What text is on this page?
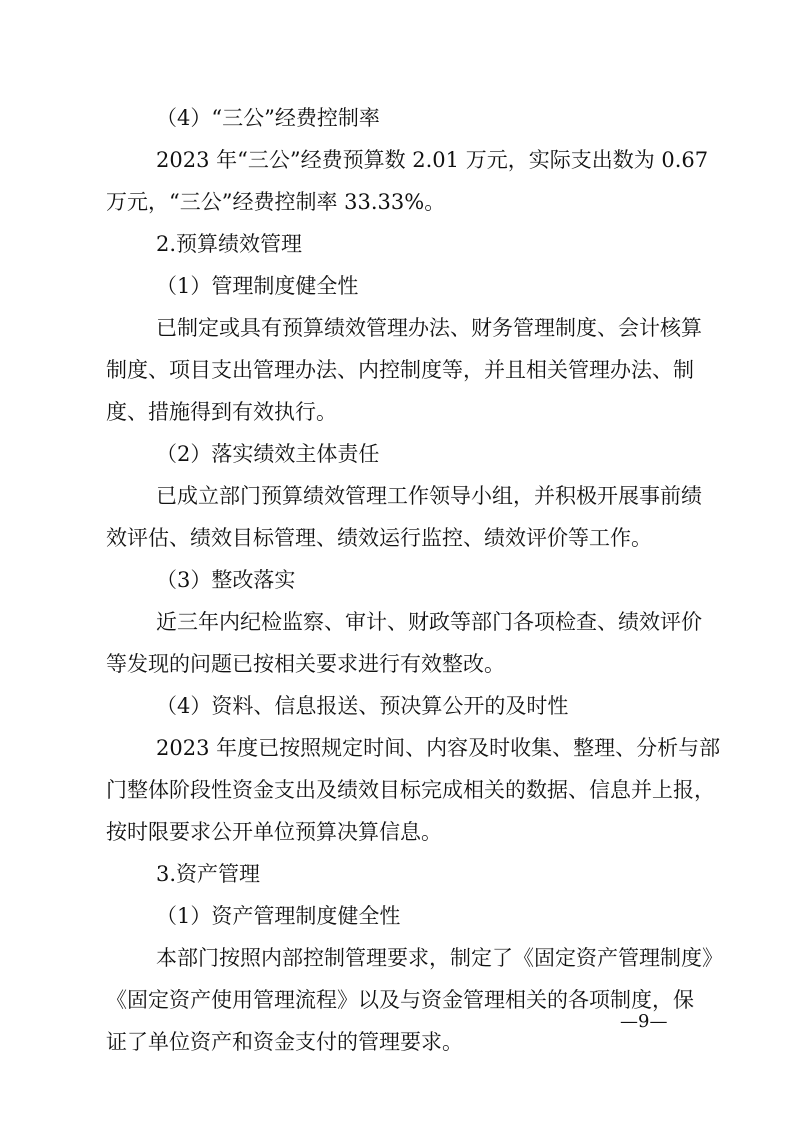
（4）“三公”经费控制率
2023 年“三公”经费预算数 2.01 万元，实际支出数为 0.67
万元，“三公”经费控制率 33.33%。
2.预算绩效管理
（1）管理制度健全性
已制定或具有预算绩效管理办法、财务管理制度、会计核算
制度、项目支出管理办法、内控制度等，并且相关管理办法、制
度、措施得到有效执行。
（2）落实绩效主体责任
已成立部门预算绩效管理工作领导小组，并积极开展事前绩
效评估、绩效目标管理、绩效运行监控、绩效评价等工作。
（3）整改落实
近三年内纪检监察、审计、财政等部门各项检查、绩效评价
等发现的问题已按相关要求进行有效整改。
（4）资料、信息报送、预决算公开的及时性
2023 年度已按照规定时间、内容及时收集、整理、分析与部
门整体阶段性资金支出及绩效目标完成相关的数据、信息并上报，
按时限要求公开单位预算决算信息。
3.资产管理
（1）资产管理制度健全性
本部门按照内部控制管理要求，制定了《固定资产管理制度》
《固定资产使用管理流程》以及与资金管理相关的各项制度，保
证了单位资产和资金支付的管理要求。
—9—
